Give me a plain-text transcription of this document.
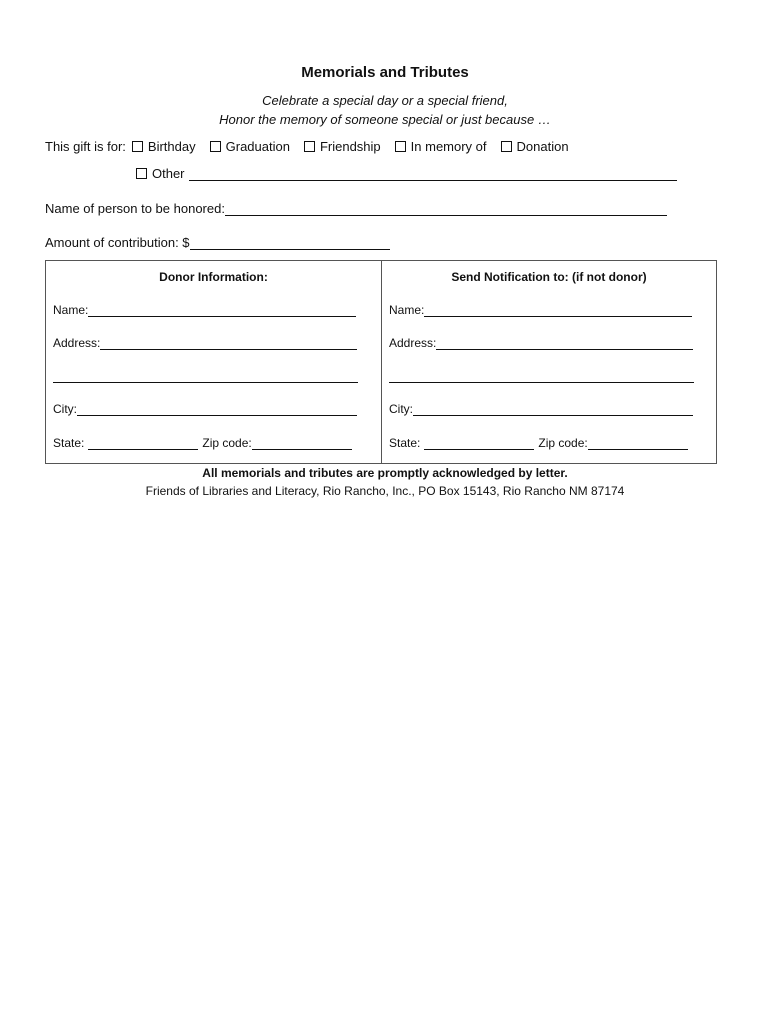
Memorials and Tributes
Celebrate a special day or a special friend,
Honor the memory of someone special or just because …
This gift is for: Birthday Graduation Friendship In memory of Donation
Other
Name of person to be honored:
Amount of contribution: $
Donor Information:
Name:
Address:
City:
State:	Zip code:
Send Notification to: (if not donor)
Name:
Address:
City:
State:	Zip code:
All memorials and tributes are promptly acknowledged by letter.
Friends of Libraries and Literacy, Rio Rancho, Inc., PO Box 15143, Rio Rancho NM 87174
